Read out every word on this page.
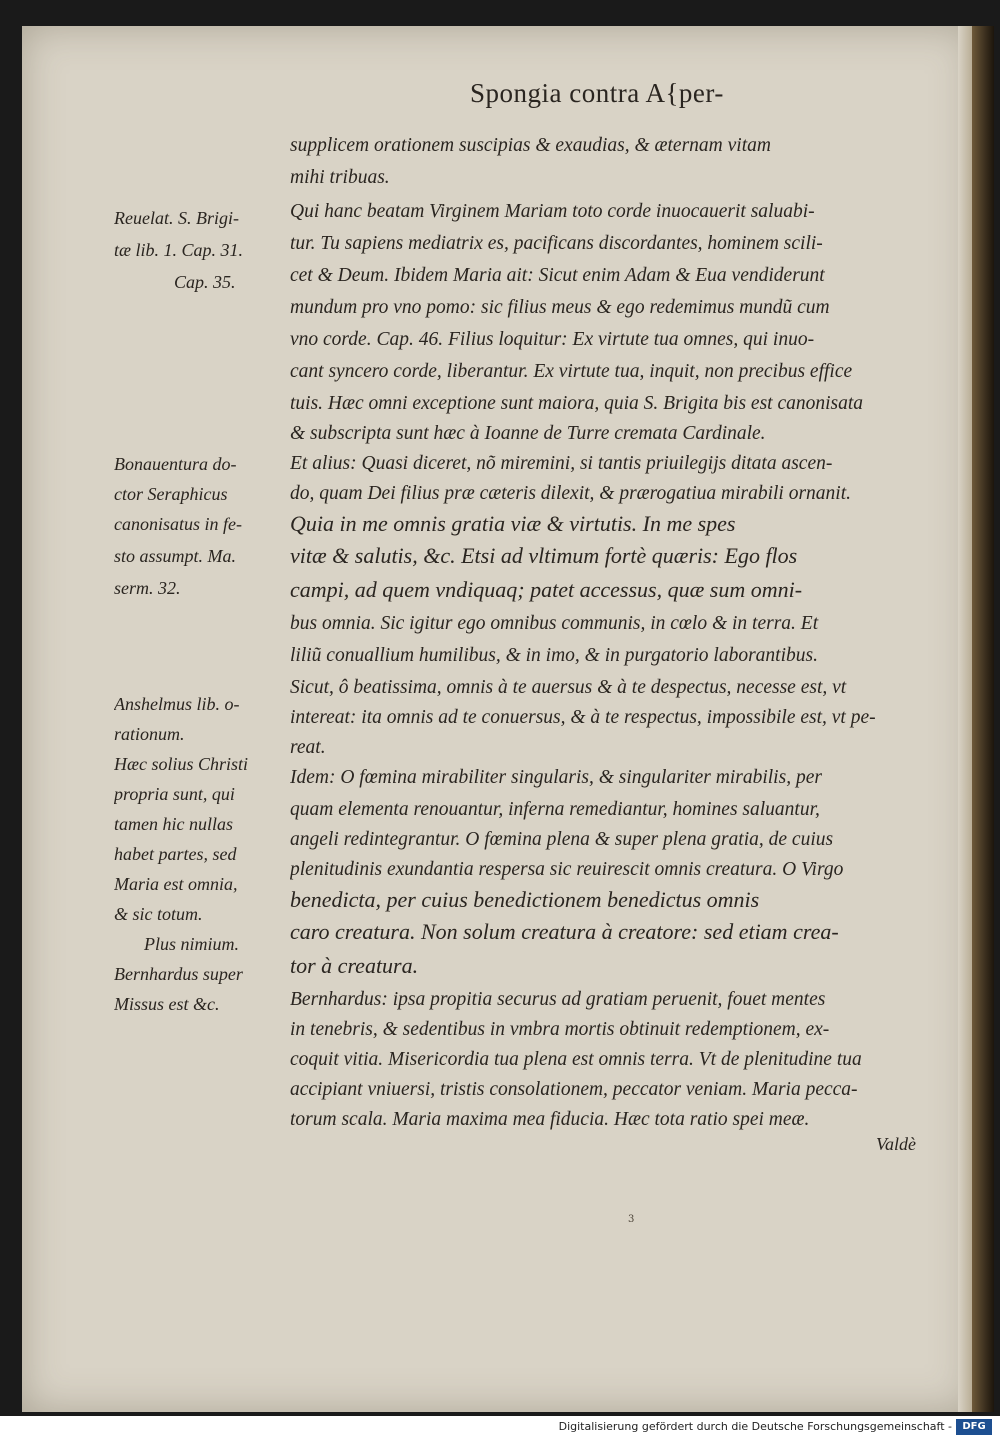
Spongia contra A{per-
supplicem orationem suscipias & exaudias, & æternam vitam
mihi tribuas.
Qui hanc beatam Virginem Mariam toto corde inuocauerit saluabi-
tur. Tu sapiens mediatrix es, pacificans discordantes, hominem scili-
cet & Deum. Ibidem Maria ait: Sicut enim Adam & Eua vendiderunt
mundum pro vno pomo: sic filius meus & ego redemimus mundũ cum
vno corde. Cap. 46. Filius loquitur: Ex virtute tua omnes, qui inuo-
cant syncero corde, liberantur. Ex virtute tua, inquit, non precibus effice
tuis. Hæc omni exceptione sunt maiora, quia S. Brigita bis est canonisata
& subscripta sunt hæc à Ioanne de Turre cremata Cardinale.
Et alius: Quasi diceret, nõ miremini, si tantis priuilegijs ditata ascen-
do, quam Dei filius præ cæteris dilexit, & prærogatiua mirabili ornanit.
Quia in me omnis gratia viæ & virtutis. In me spes
vitæ & salutis, &c. Etsi ad vltimum fortè quæris: Ego flos
campi, ad quem vndiquaq; patet accessus, quæ sum omni-
bus omnia. Sic igitur ego omnibus communis, in cœlo & in terra. Et
liliũ conuallium humilibus, & in imo, & in purgatorio laborantibus.
Sicut, ô beatissima, omnis à te auersus & à te despectus, necesse est, vt
intereat: ita omnis ad te conuersus, & à te respectus, impossibile est, vt pe-
reat.
Idem: O fœmina mirabiliter singularis, & singulariter mirabilis, per
quam elementa renouantur, inferna remediantur, homines saluantur,
angeli redintegrantur. O fœmina plena & super plena gratia, de cuius
plenitudinis exundantia respersa sic reuirescit omnis creatura. O Virgo
benedicta, per cuius benedictionem benedictus omnis
caro creatura. Non solum creatura à creatore: sed etiam crea-
tor à creatura.
Bernhardus: ipsa propitia securus ad gratiam peruenit, fouet mentes
in tenebris, & sedentibus in vmbra mortis obtinuit redemptionem, ex-
coquit vitia. Misericordia tua plena est omnis terra. Vt de plenitudine tua
accipiant vniuersi, tristis consolationem, peccator veniam. Maria pecca-
torum scala. Maria maxima mea fiducia. Hæc tota ratio spei meæ.
Reuelat. S. Brigi-
tæ lib. 1. Cap. 31.
Cap. 35.
Bonauentura do-
ctor Seraphicus
canonisatus in fe-
sto assumpt. Ma.
serm. 32.
Anshelmus lib. o-
rationum.
Hæc solius Christi
propria sunt, qui
tamen hic nullas
habet partes, sed
Maria est omnia,
& sic totum.
Plus nimium.
Bernhardus super
Missus est &c.
Valdè
3
Digitalisierung gefördert durch die Deutsche Forschungsgemeinschaft -	DFG
